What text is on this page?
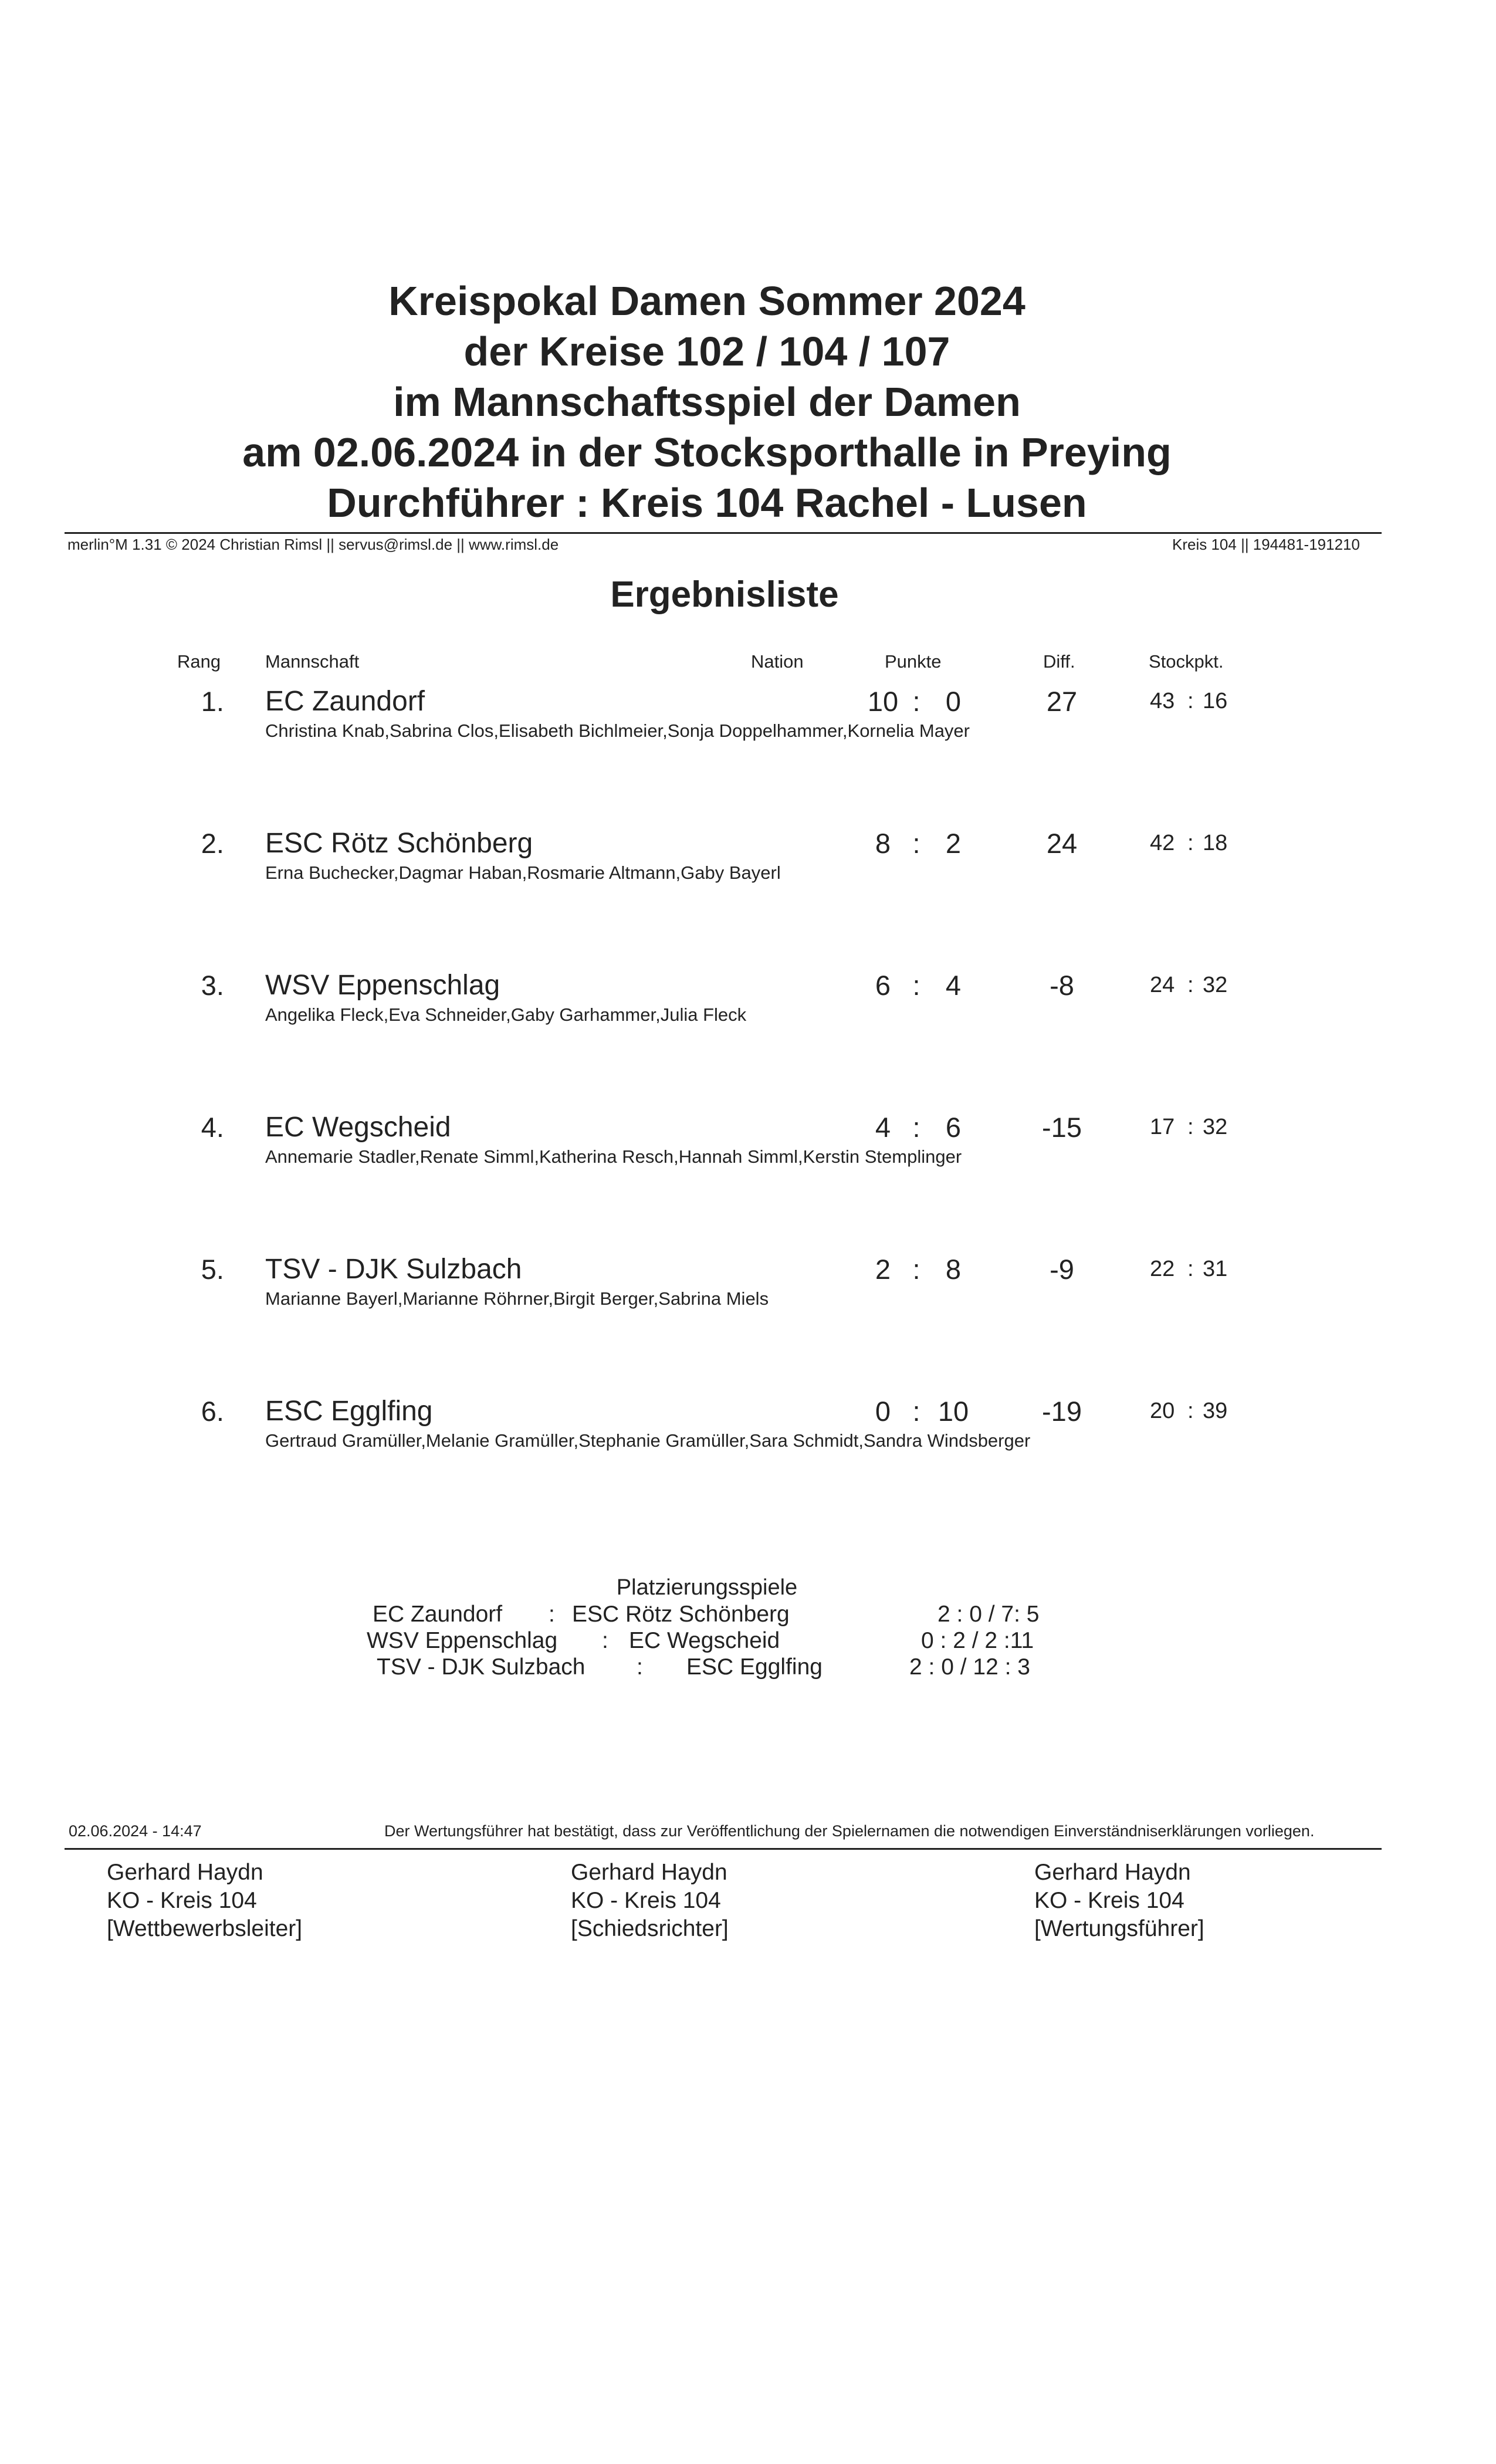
Kreispokal Damen Sommer 2024
der Kreise 102 / 104 / 107
im Mannschaftsspiel der Damen
am 02.06.2024 in der Stocksporthalle in Preying
Durchführer : Kreis 104 Rachel - Lusen
merlin°M 1.31 © 2024 Christian Rimsl || servus@rimsl.de || www.rimsl.de	Kreis 104 || 194481-191210
Ergebnisliste
Rang Mannschaft	Nation	Punkte	Diff.	Stockpkt.
1. EC Zaundorf	10 : 0	27	43 : 16
Christina Knab,Sabrina Clos,Elisabeth Bichlmeier,Sonja Doppelhammer,Kornelia Mayer
2. ESC Rötz Schönberg	8 : 2	24	42 : 18
Erna Buchecker,Dagmar Haban,Rosmarie Altmann,Gaby Bayerl
3. WSV Eppenschlag	6 : 4	-8	24 : 32
Angelika Fleck,Eva Schneider,Gaby Garhammer,Julia Fleck
4. EC Wegscheid	4 : 6	-15	17 : 32
Annemarie Stadler,Renate Simml,Katherina Resch,Hannah Simml,Kerstin Stemplinger
5. TSV - DJK Sulzbach	2 : 8	-9	22 : 31
Marianne Bayerl,Marianne Röhrner,Birgit Berger,Sabrina Miels
6. ESC Egglfing	0 : 10	-19	20 : 39
Gertraud Gramüller,Melanie Gramüller,Stephanie Gramüller,Sara Schmidt,Sandra Windsberger
Platzierungsspiele
EC Zaundorf : ESC Rötz Schönberg	2 : 0 / 7: 5
WSV Eppenschlag : EC Wegscheid	0 : 2 / 2 :11
TSV - DJK Sulzbach : ESC Egglfing	2 : 0 / 12 : 3
02.06.2024 - 14:47	Der Wertungsführer hat bestätigt, dass zur Veröffentlichung der Spielernamen die notwendigen Einverständniserklärungen vorliegen.
Gerhard Haydn
KO - Kreis 104
[Wettbewerbsleiter]
Gerhard Haydn
KO - Kreis 104
[Schiedsrichter]
Gerhard Haydn
KO - Kreis 104
[Wertungsführer]
